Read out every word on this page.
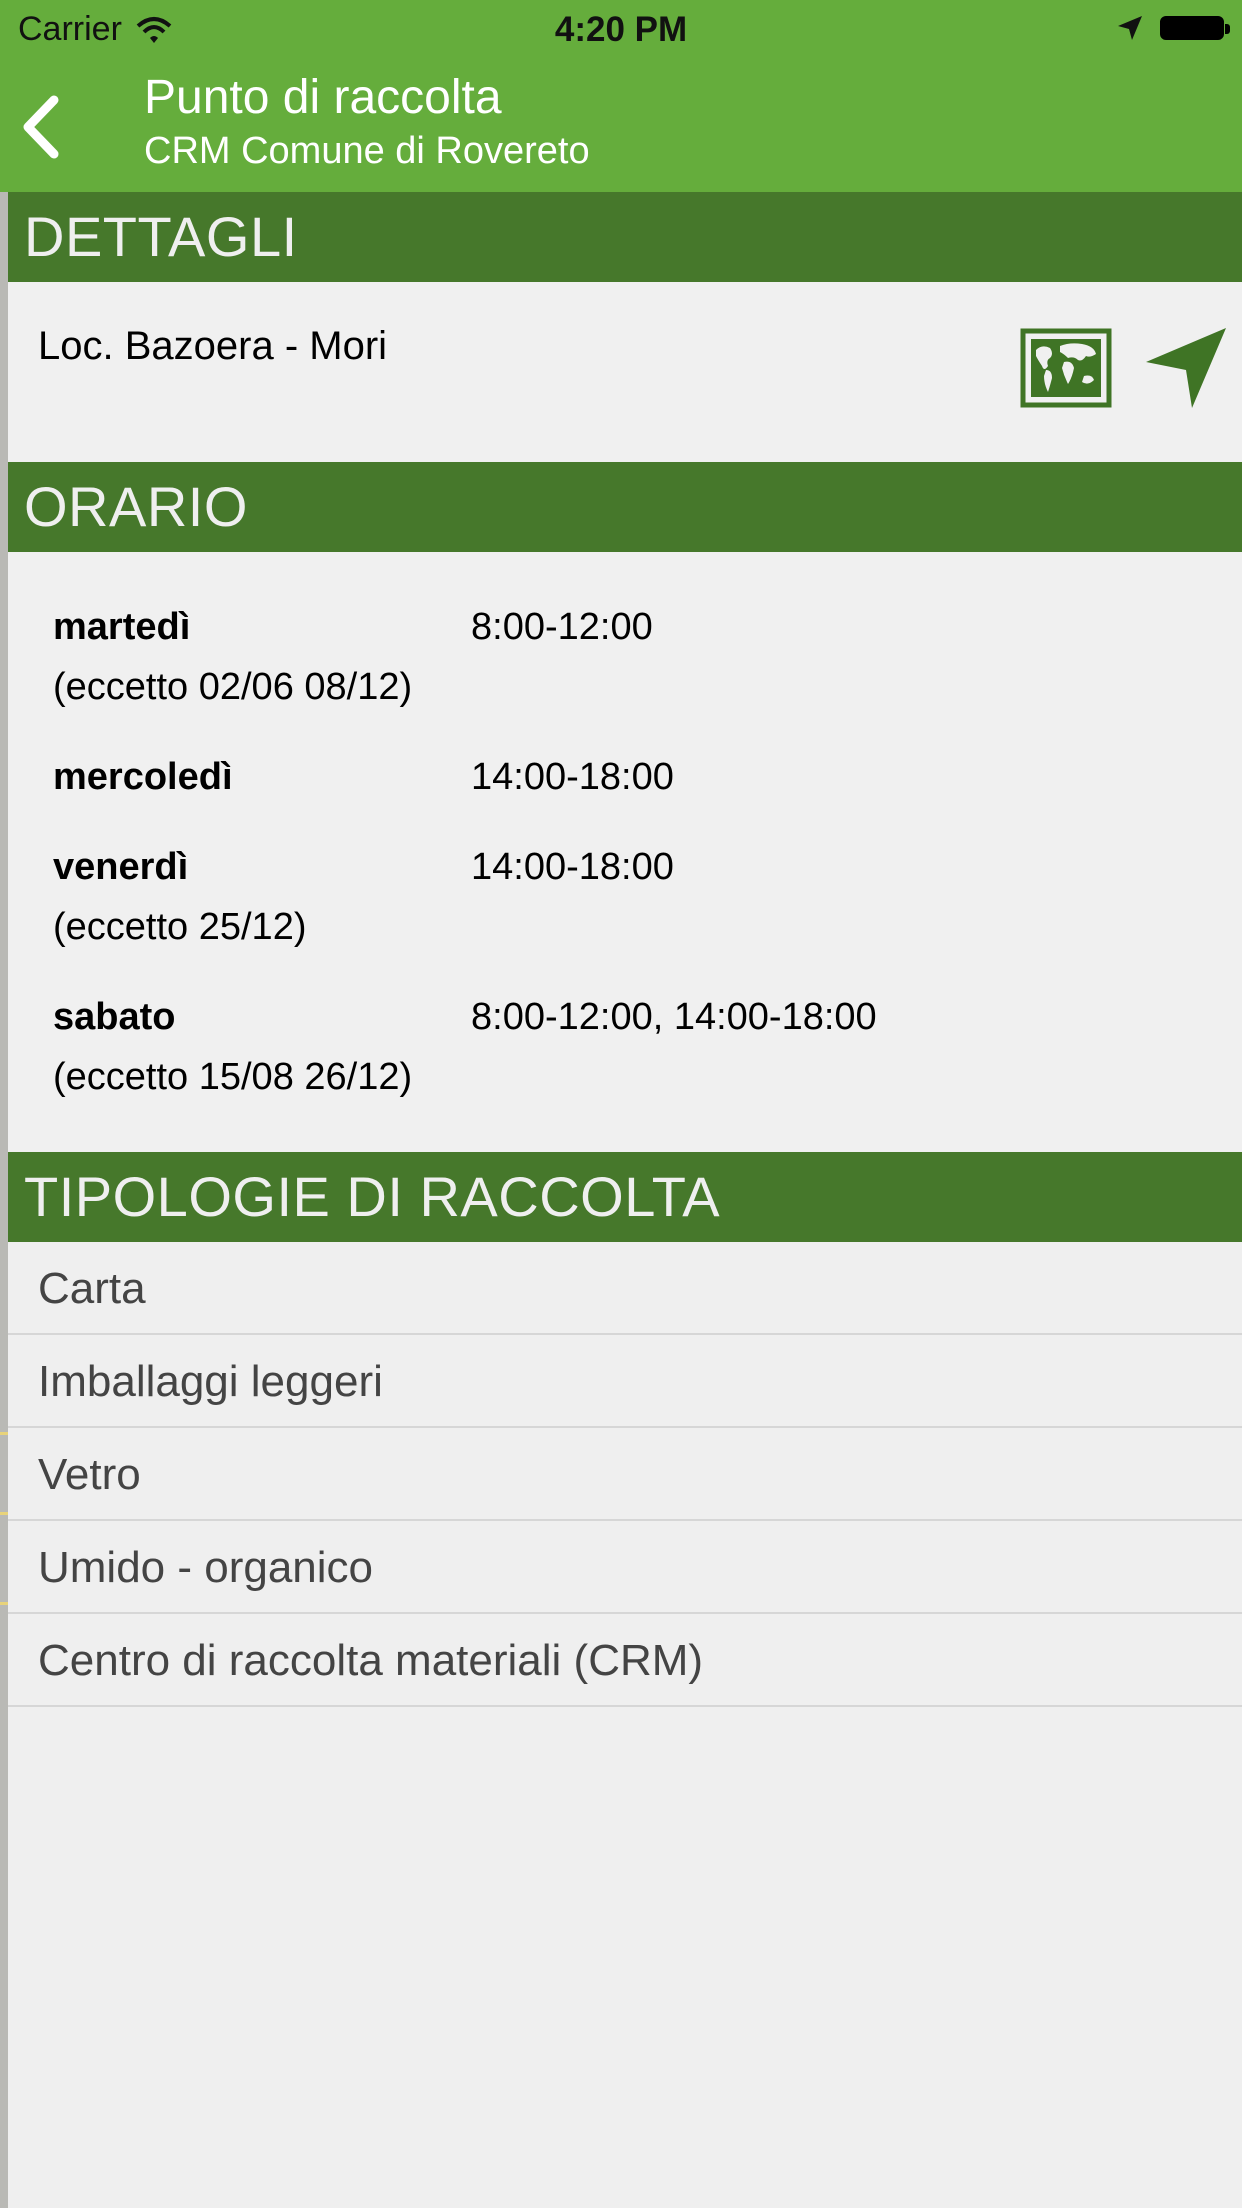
Carrier	4:20 PM
Punto di raccolta
CRM Comune di Rovereto
DETTAGLI
Loc. Bazoera - Mori
ORARIO
martedì	8:00-12:00
(eccetto 02/06 08/12)
mercoledì	14:00-18:00
venerdì	14:00-18:00
(eccetto 25/12)
sabato	8:00-12:00, 14:00-18:00
(eccetto 15/08 26/12)
TIPOLOGIE DI RACCOLTA
Carta
Imballaggi leggeri
Vetro
Umido - organico
Centro di raccolta materiali (CRM)
